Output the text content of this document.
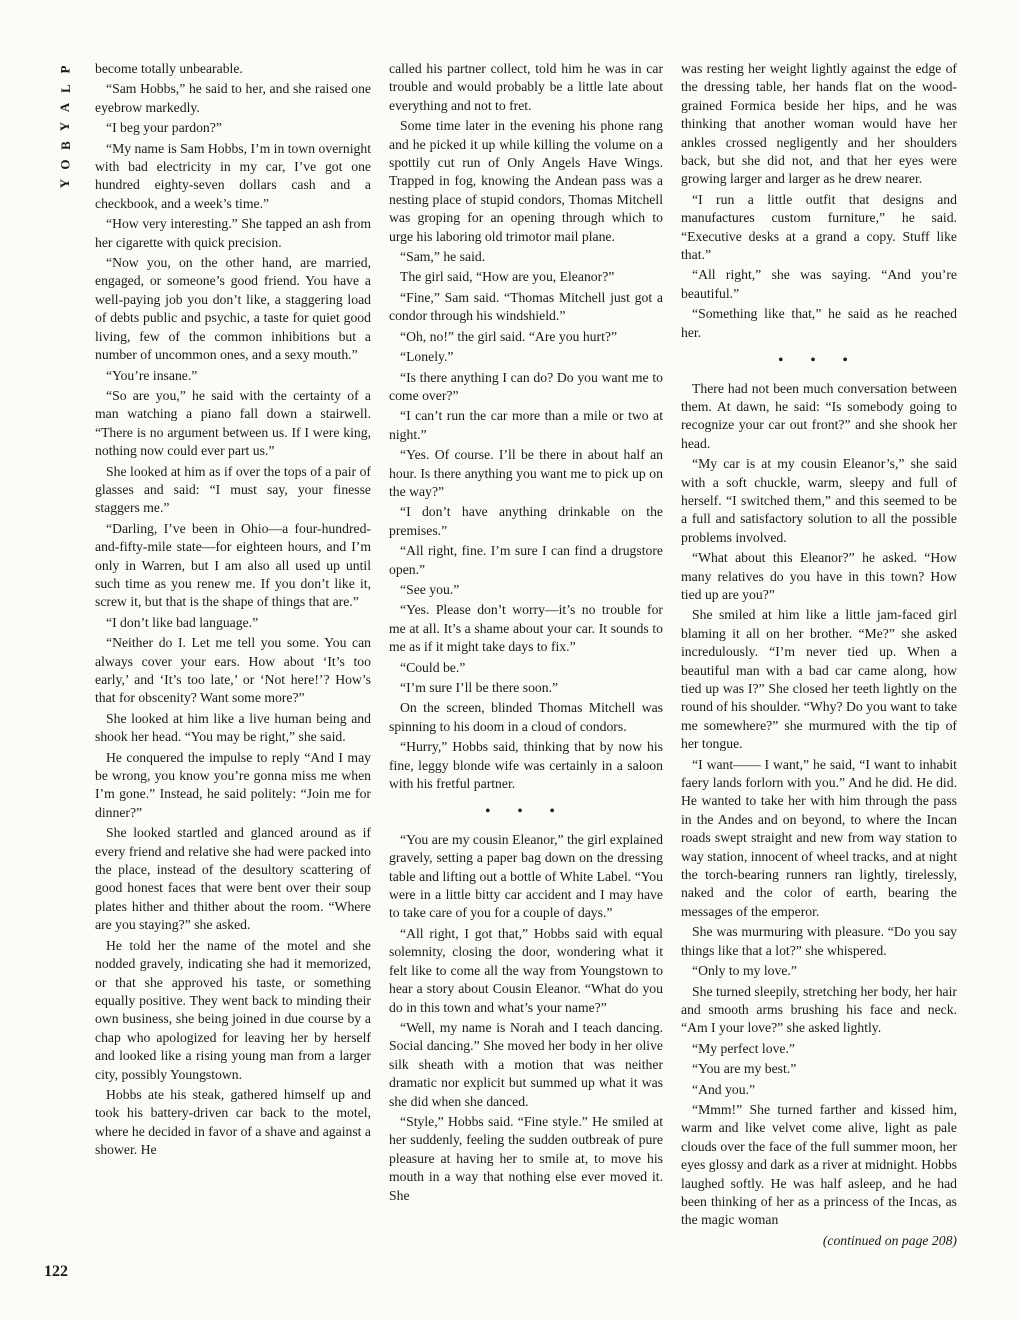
P
L
A
Y
B
O
Y
122

become totally unbearable.

“Sam Hobbs,” he said to her, and she raised one eyebrow markedly.

“I beg your pardon?”

“My name is Sam Hobbs, I’m in town overnight with bad electricity in my car, I’ve got one hundred eighty-seven dollars cash and a checkbook, and a week’s time.”

“How very interesting.” She tapped an ash from her cigarette with quick precision.

“Now you, on the other hand, are married, engaged, or someone’s good friend. You have a well-paying job you don’t like, a staggering load of debts public and psychic, a taste for quiet good living, few of the common inhibitions but a number of uncommon ones, and a sexy mouth.”

“You’re insane.”

“So are you,” he said with the certainty of a man watching a piano fall down a stairwell. “There is no argument between us. If I were king, nothing now could ever part us.”

She looked at him as if over the tops of a pair of glasses and said: “I must say, your finesse staggers me.”

“Darling, I’ve been in Ohio—a four-hundred-and-fifty-mile state—for eighteen hours, and I’m only in Warren, but I am also all used up until such time as you renew me. If you don’t like it, screw it, but that is the shape of things that are.”

“I don’t like bad language.”

“Neither do I. Let me tell you some. You can always cover your ears. How about ‘It’s too early,’ and ‘It’s too late,’ or ‘Not here!’? How’s that for obscenity? Want some more?”

She looked at him like a live human being and shook her head. “You may be right,” she said.

He conquered the impulse to reply “And I may be wrong, you know you’re gonna miss me when I’m gone.” Instead, he said politely: “Join me for dinner?”

She looked startled and glanced around as if every friend and relative she had were packed into the place, instead of the desultory scattering of good honest faces that were bent over their soup plates hither and thither about the room. “Where are you staying?” she asked.

He told her the name of the motel and she nodded gravely, indicating she had it memorized, or that she approved his taste, or something equally positive. They went back to minding their own business, she being joined in due course by a chap who apologized for leaving her by herself and looked like a rising young man from a larger city, possibly Youngstown.

Hobbs ate his steak, gathered himself up and took his battery-driven car back to the motel, where he decided in favor of a shave and against a shower. He

called his partner collect, told him he was in car trouble and would probably be a little late about everything and not to fret.

Some time later in the evening his phone rang and he picked it up while killing the volume on a spottily cut run of Only Angels Have Wings. Trapped in fog, knowing the Andean pass was a nesting place of stupid condors, Thomas Mitchell was groping for an opening through which to urge his laboring old trimotor mail plane.

“Sam,” he said.

The girl said, “How are you, Eleanor?”

“Fine,” Sam said. “Thomas Mitchell just got a condor through his windshield.”

“Oh, no!” the girl said. “Are you hurt?”

“Lonely.”

“Is there anything I can do? Do you want me to come over?”

“I can’t run the car more than a mile or two at night.”

“Yes. Of course. I’ll be there in about half an hour. Is there anything you want me to pick up on the way?”

“I don’t have anything drinkable on the premises.”

“All right, fine. I’m sure I can find a drugstore open.”

“See you.”

“Yes. Please don’t worry—it’s no trouble for me at all. It’s a shame about your car. It sounds to me as if it might take days to fix.”

“Could be.”

“I’m sure I’ll be there soon.”

On the screen, blinded Thomas Mitchell was spinning to his doom in a cloud of condors.

“Hurry,” Hobbs said, thinking that by now his fine, leggy blonde wife was certainly in a saloon with his fretful partner.

• • •

“You are my cousin Eleanor,” the girl explained gravely, setting a paper bag down on the dressing table and lifting out a bottle of White Label. “You were in a little bitty car accident and I may have to take care of you for a couple of days.”

“All right, I got that,” Hobbs said with equal solemnity, closing the door, wondering what it felt like to come all the way from Youngstown to hear a story about Cousin Eleanor. “What do you do in this town and what’s your name?”

“Well, my name is Norah and I teach dancing. Social dancing.” She moved her body in her olive silk sheath with a motion that was neither dramatic nor explicit but summed up what it was she did when she danced.

“Style,” Hobbs said. “Fine style.” He smiled at her suddenly, feeling the sudden outbreak of pure pleasure at having her to smile at, to move his mouth in a way that nothing else ever moved it. She

was resting her weight lightly against the edge of the dressing table, her hands flat on the wood-grained Formica beside her hips, and he was thinking that another woman would have her ankles crossed negligently and her shoulders back, but she did not, and that her eyes were growing larger and larger as he drew nearer.

“I run a little outfit that designs and manufactures custom furniture,” he said. “Executive desks at a grand a copy. Stuff like that.”

“All right,” she was saying. “And you’re beautiful.”

“Something like that,” he said as he reached her.

• • •

There had not been much conversation between them. At dawn, he said: “Is somebody going to recognize your car out front?” and she shook her head.

“My car is at my cousin Eleanor’s,” she said with a soft chuckle, warm, sleepy and full of herself. “I switched them,” and this seemed to be a full and satisfactory solution to all the possible problems involved.

“What about this Eleanor?” he asked. “How many relatives do you have in this town? How tied up are you?”

She smiled at him like a little jam-faced girl blaming it all on her brother. “Me?” she asked incredulously. “I’m never tied up. When a beautiful man with a bad car came along, how tied up was I?” She closed her teeth lightly on the round of his shoulder. “Why? Do you want to take me somewhere?” she murmured with the tip of her tongue.

“I want—— I want,” he said, “I want to inhabit faery lands forlorn with you.” And he did. He did. He wanted to take her with him through the pass in the Andes and on beyond, to where the Incan roads swept straight and new from way station to way station, innocent of wheel tracks, and at night the torch-bearing runners ran lightly, tirelessly, naked and the color of earth, bearing the messages of the emperor.

She was murmuring with pleasure. “Do you say things like that a lot?” she whispered.

“Only to my love.”

She turned sleepily, stretching her body, her hair and smooth arms brushing his face and neck. “Am I your love?” she asked lightly.

“My perfect love.”

“You are my best.”

“And you.”

“Mmm!” She turned farther and kissed him, warm and like velvet come alive, light as pale clouds over the face of the full summer moon, her eyes glossy and dark as a river at midnight. Hobbs laughed softly. He was half asleep, and he had been thinking of her as a princess of the Incas, as the magic woman

(continued on page 208)
